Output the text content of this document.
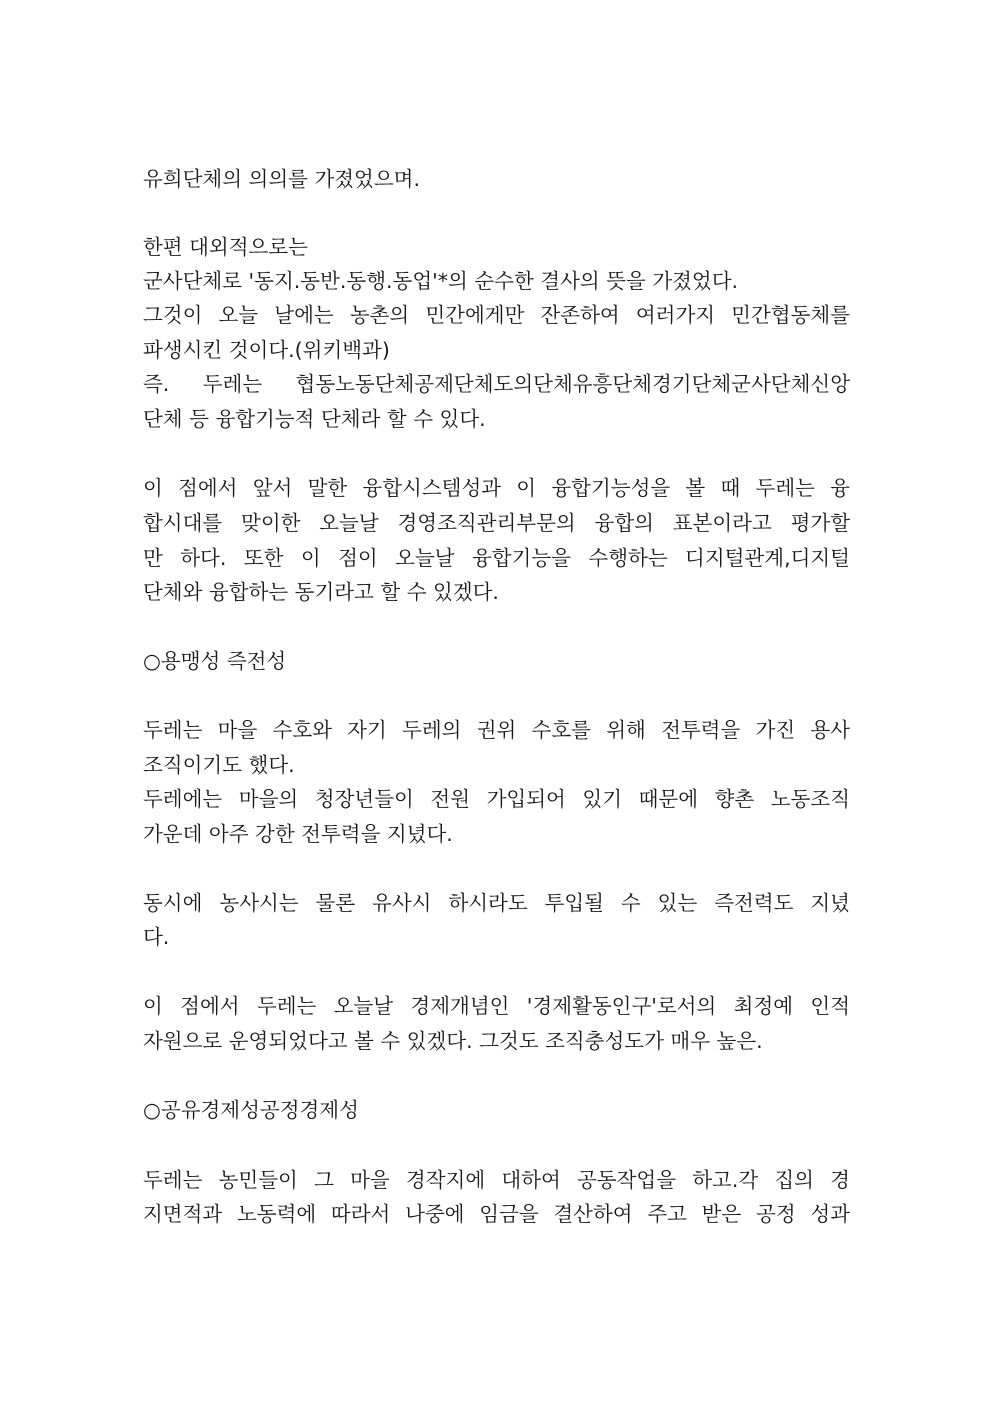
유희단체의 의의를 가졌었으며.
한편 대외적으로는
군사단체로 '동지.동반.동행.동업'*의 순수한 결사의 뜻을 가졌었다.
그것이 오늘 날에는 농촌의 민간에게만 잔존하여 여러가지 민간협동체를
파생시킨 것이다.(위키백과)
즉. 두레는 협동노동단체공제단체도의단체유흥단체경기단체군사단체신앙
단체 등 융합기능적 단체라 할 수 있다.
이 점에서 앞서 말한 융합시스템성과 이 융합기능성을 볼 때 두레는 융
합시대를 맞이한 오늘날 경영조직관리부문의 융합의 표본이라고 평가할
만 하다. 또한 이 점이 오늘날 융합기능을 수행하는 디지털관계,디지털
단체와 융합하는 동기라고 할 수 있겠다.
○용맹성 즉전성
두레는 마을 수호와 자기 두레의 권위 수호를 위해 전투력을 가진 용사
조직이기도 했다.
두레에는 마을의 청장년들이 전원 가입되어 있기 때문에 향촌 노동조직
가운데 아주 강한 전투력을 지녔다.
동시에 농사시는 물론 유사시 하시라도 투입될 수 있는 즉전력도 지녔
다.
이 점에서 두레는 오늘날 경제개념인 '경제활동인구'로서의 최정예 인적
자원으로 운영되었다고 볼 수 있겠다. 그것도 조직충성도가 매우 높은.
○공유경제성공정경제성
두레는 농민들이 그 마을 경작지에 대하여 공동작업을 하고.각 집의 경
지면적과 노동력에 따라서 나중에 임금을 결산하여 주고 받은 공정 성과
